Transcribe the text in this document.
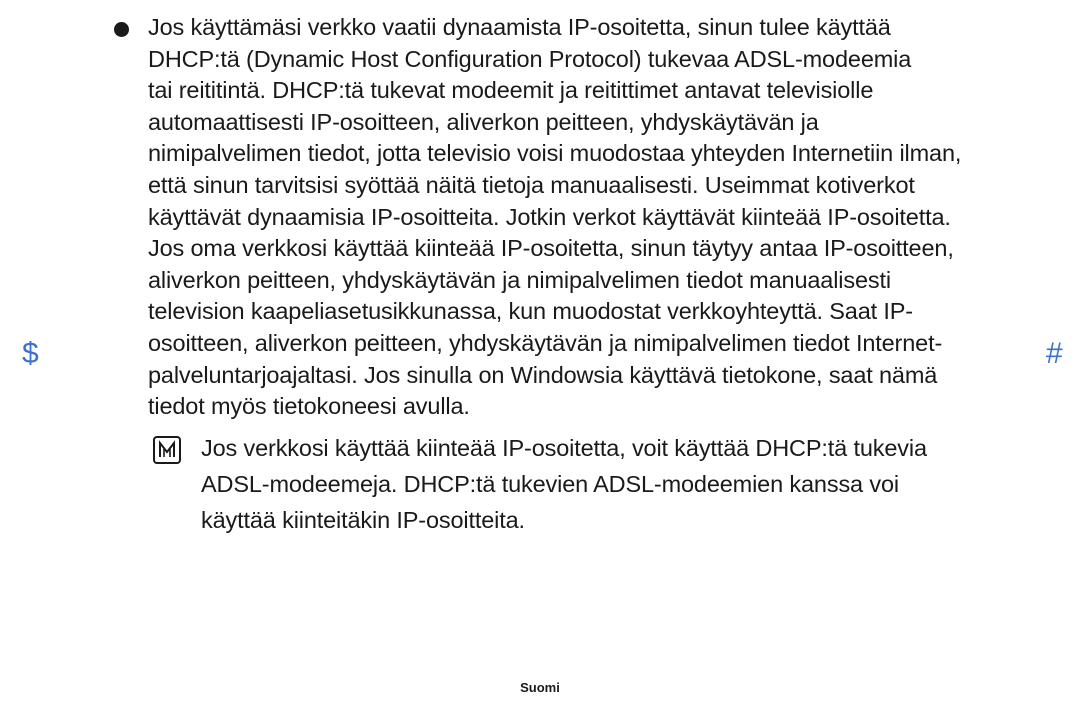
Jos käyttämäsi verkko vaatii dynaamista IP-osoitetta, sinun tulee käyttää
DHCP:tä (Dynamic Host Configuration Protocol) tukevaa ADSL-modeemia
tai reititintä. DHCP:tä tukevat modeemit ja reitittimet antavat televisiolle
automaattisesti IP-osoitteen, aliverkon peitteen, yhdyskäytävän ja
nimipalvelimen tiedot, jotta televisio voisi muodostaa yhteyden Internetiin ilman,
että sinun tarvitsisi syöttää näitä tietoja manuaalisesti. Useimmat kotiverkot
käyttävät dynaamisia IP-osoitteita. Jotkin verkot käyttävät kiinteää IP-osoitetta.
Jos oma verkkosi käyttää kiinteää IP-osoitetta, sinun täytyy antaa IP-osoitteen,
aliverkon peitteen, yhdyskäytävän ja nimipalvelimen tiedot manuaalisesti
television kaapeliasetusikkunassa, kun muodostat verkkoyhteyttä. Saat IP-
osoitteen, aliverkon peitteen, yhdyskäytävän ja nimipalvelimen tiedot Internet-
palveluntarjoajaltasi. Jos sinulla on Windowsia käyttävä tietokone, saat nämä
tiedot myös tietokoneesi avulla.

$	#

Jos verkkosi käyttää kiinteää IP-osoitetta, voit käyttää DHCP:tä tukevia
ADSL-modeemeja. DHCP:tä tukevien ADSL-modeemien kanssa voi
käyttää kiinteitäkin IP-osoitteita.

Suomi
